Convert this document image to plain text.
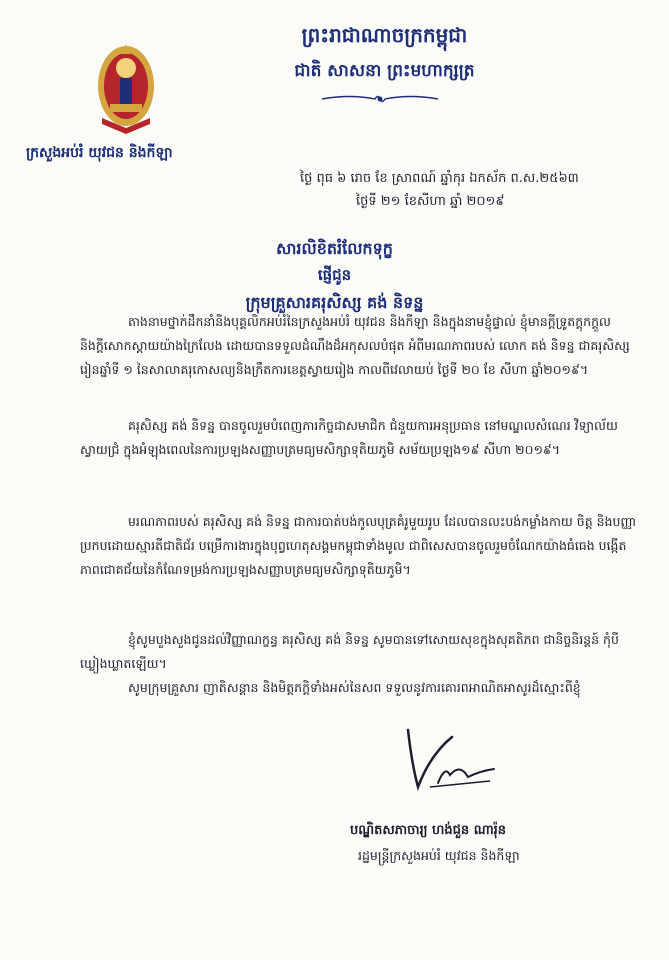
ព្រះរាជាណាចក្រកម្ពុជា
ជាតិ សាសនា ព្រះមហាក្សត្រ
ក្រសួងអប់រំ យុវជន និងកីឡា
ថ្ងៃ ពុធ ៦ រោច ខែ ស្រាពណ៍ ឆ្នាំកុរ ឯកស័ក ព.ស.២៥៦៣
ថ្ងៃទី ២១ ខែសីហា ឆ្នាំ ២០១៩
សារលិខិតរំលែកទុក្ខ
ផ្ញើជូន
ក្រុមគ្រួសារគរុសិស្ស គង់ និទន្ន

តាងនាមថ្នាក់ដឹកនាំនិងបុគ្គលិកអប់រំនៃក្រសួងអប់រំ យុវជន និងកីឡា និងក្នុងនាមខ្ញុំផ្ទាល់ ខ្ញុំមានក្តីទ្រូតក្តុកក្តួល និងក្តីសោកស្តាយយ៉ាងក្រៃលែង ដោយបានទទួលដំណឹងដ៏អកុសលបំផុត អំពីមរណភាពរបស់ លោក គង់ និទន្ន ជាគរុសិស្សរៀនឆ្នាំទី ១ នៃសាលាគរុកោសល្យនិងក្រឹតការខេត្តស្វាយរៀង កាលពីវេលាយប់ ថ្ងៃទី ២០ ខែ សីហា ឆ្នាំ២០១៩។

គរុសិស្ស គង់ និទន្ន បានចូលរួមបំពេញភារកិច្ចជាសមាជិក ជំនួយការអនុប្រធាន នៅមណ្ឌលសំណេរ វិទ្យាល័យស្វាយជ្រំ ក្នុងអំឡុងពេលនៃការប្រឡងសញ្ញាបត្រមធ្យមសិក្សាទុតិយភូមិ សម័យប្រឡង១៩ សីហា ២០១៩។

មរណភាពរបស់ គរុសិស្ស គង់ និទន្ន ជាការបាត់បង់កូលបុត្រគំរូមួយរូប ដែលបានលះបង់កម្លាំងកាយ ចិត្ត និងបញ្ញា ប្រកបដោយស្មារតីជាតិជ័រ បម្រើការងារក្នុងបុព្វហេតុសង្គមកម្ពុជាទាំងមូល ជាពិសេសបានចូលរួមចំណែកយ៉ាងធំធេង បង្កើតភាពជោគជ័យនៃកំណែទម្រង់ការប្រឡងសញ្ញាបត្រមធ្យមសិក្សាទុតិយភូមិ។

ខ្ញុំសូមបួងសួងជូនដល់វិញ្ញាណក្ខន្ធ គរុសិស្ស គង់ និទន្ន សូមបានទៅសោយសុខក្នុងសុគតិភព ជានិច្ចនិរន្តន៍ កុំបីឃ្លៀងឃ្លាតឡើយ។

សូមក្រុមគ្រួសារ ញាតិសន្តាន និងមិត្តភក្តិទាំងអស់នៃសព ទទួលនូវការគោរពអាណិតអាសូរដ៏ស្មោះពីខ្ញុំ

បណ្ឌិតសភាចារ្យ ហង់ជួន ណារ៉ុន
រដ្ឋមន្ត្រីក្រសួងអប់រំ យុវជន និងកីឡា
